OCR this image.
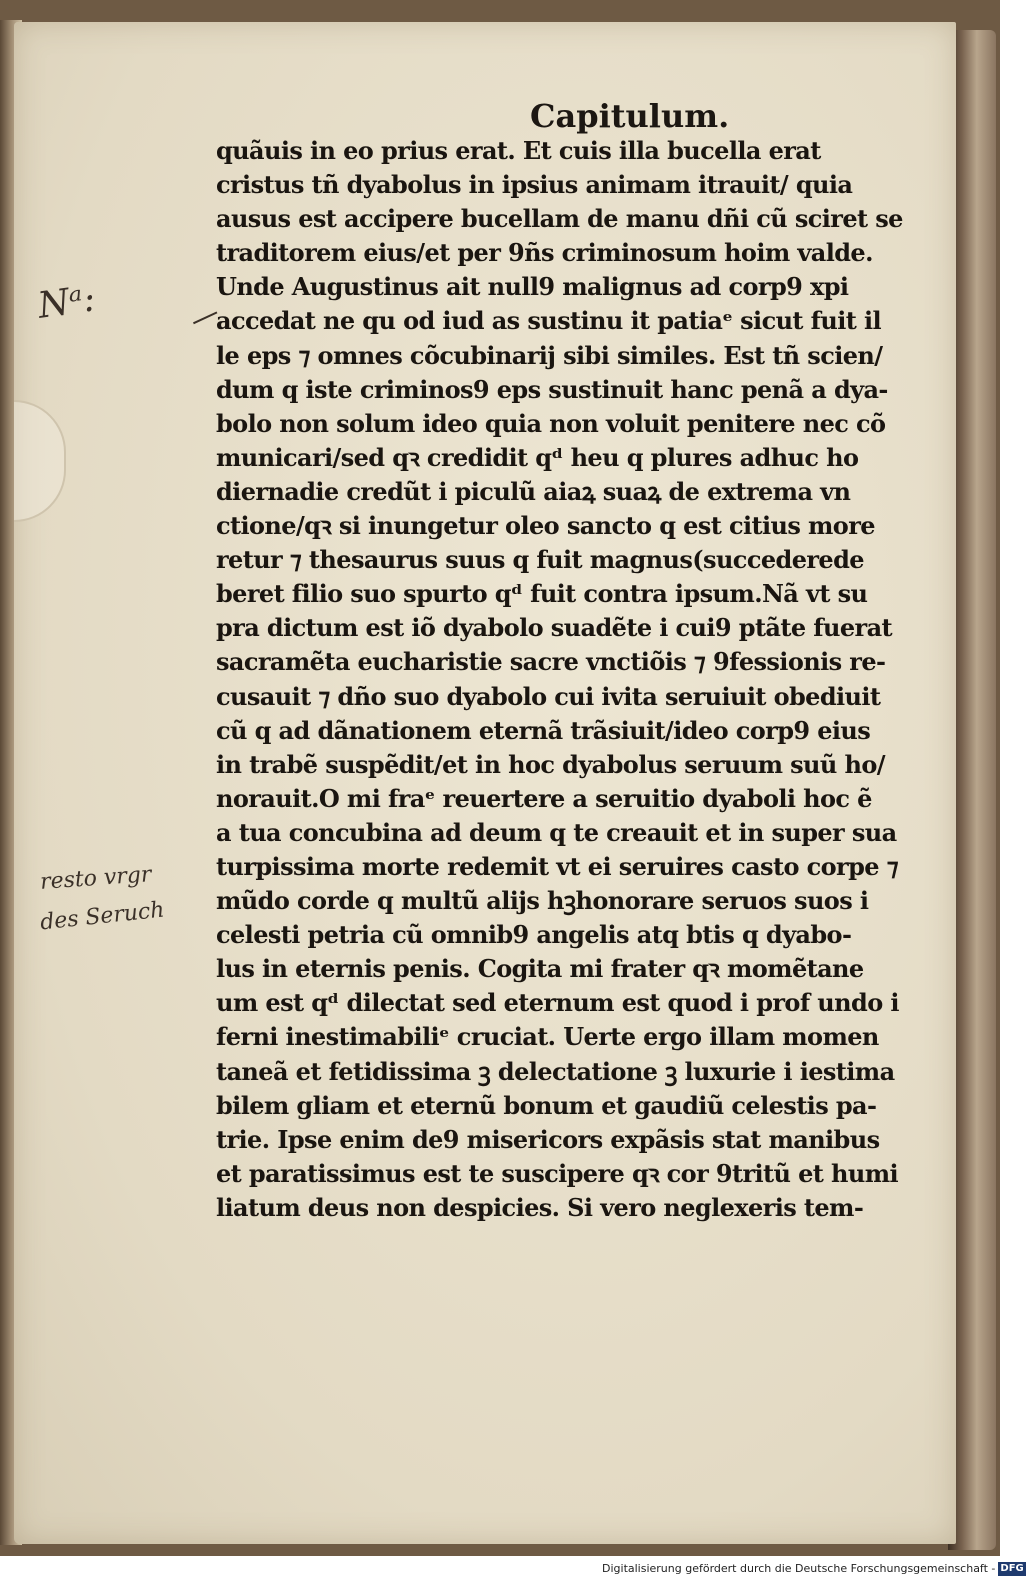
Capitulum.
quãuis in eo prius erat. Et cuis illa bucella erat
cristus tñ dyabolus in ipsius animam itrauit/ quia
ausus est accipere bucellam de manu dñi cũ sciret se
traditorem eius/et per 9ñs criminosum hoim valde.
Unde Augustinus ait null9 malignus ad corp9 xpi
accedat ne qu od iud as sustinu it patiaᵉ sicut fuit il
le eps ⁊ omnes cõcubinarij sibi similes. Est tñ scien/
dum q iste criminos9 eps sustinuit hanc penã a dya-
bolo non solum ideo quia non voluit penitere nec cõ
municari/sed qꝛ credidit qᵈ heu q plures adhuc ho
diernadie credũt i piculũ aiaꝝ suaꝝ de extrema vn
ctione/qꝛ si inungetur oleo sancto q est citius more
retur ⁊ thesaurus suus q fuit magnus(succederede
beret filio suo spurto qᵈ fuit contra ipsum.Nã vt su
pra dictum est iõ dyabolo suadẽte i cui9 ptãte fuerat
sacramẽta eucharistie sacre vnctiõis ⁊ 9fessionis re-
cusauit ⁊ dño suo dyabolo cui ivita seruiuit obediuit
cũ q ad dãnationem eternã trãsiuit/ideo corp9 eius
in trabẽ suspẽdit/et in hoc dyabolus seruum suũ ho/
norauit.O mi fraᵉ reuertere a seruitio dyaboli hoc ẽ
a tua concubina ad deum q te creauit et in super sua
turpissima morte redemit vt ei seruires casto corpe ⁊
mũdo corde q multũ alijs hꝫhonorare seruos suos i
celesti petria cũ omnib9 angelis atq btis q dyabo-
lus in eternis penis. Cogita mi frater qꝛ momẽtane
um est qᵈ dilectat sed eternum est quod i prof undo i
ferni inestimabiliᵉ cruciat. Uerte ergo illam momen
taneã et fetidissima ꝫ delectatione ꝫ luxurie i iestima
bilem gliam et eternũ bonum et gaudiũ celestis pa-
trie. Ipse enim de9 misericors expãsis stat manibus
et paratissimus est te suscipere qꝛ cor 9tritũ et humi
liatum deus non despicies. Si vero neglexeris tem-
Nᵃ:
resto vrgr
des Seruch
Digitalisierung gefördert durch die Deutsche Forschungsgemeinschaft - DFG
